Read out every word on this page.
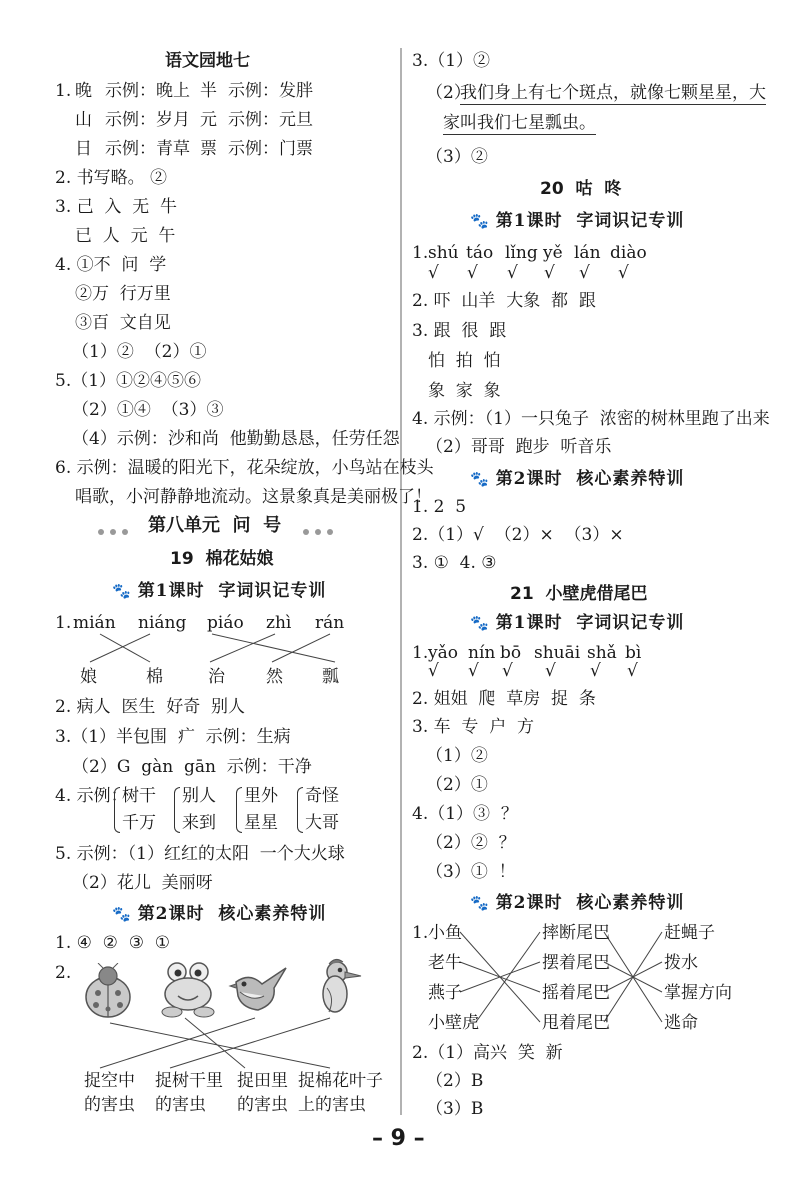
语文园地七
1. 晚 示例：晚上 半 示例：发胖
山 示例：岁月 元 示例：元旦
日 示例：青草 票 示例：门票
2. 书写略。 ②
3. 己  入  无  牛
已  人  元  午
4. ①不  问  学
②万  行万里
③百  文自见
（1）②  （2）①
5.（1）①②④⑤⑥
（2）①④  （3）③
（4）示例：沙和尚  他勤勤恳恳，任劳任怨
6. 示例：温暖的阳光下，花朵绽放，小鸟站在枝头
唱歌，小河静静地流动。这景象真是美丽极了！
第八单元  问  号
19  棉花姑娘
🐾 第1课时  字词识记专训
1. mián niáng piáo zhì rán
娘	棉	治 然 瓢
2. 病人  医生  好奇  别人
3.（1）半包围  疒  示例：生病
（2）G  gàn  gān  示例：干净
4. 示例：
树干
千万
别人
来到
里外
星星
奇怪
大哥
5. 示例：（1）红红的太阳  一个大火球
（2）花儿  美丽呀
🐾 第2课时  核心素养特训
1. ④  ②  ③  ①
2.
捉空中
的害虫
捉树干里
的害虫
捉田里
的害虫
捉棉花叶子
上的害虫
3.（1）②
（2）
我们身上有七个斑点，就像七颗星星，大
家叫我们七星瓢虫。
（3）②
20  咕  咚
🐾 第1课时  字词识记专训
1. shú táo lǐng yě lán diào
√ √ √ √ √ √
2. 吓  山羊  大象  都  跟
3. 跟  很  跟
怕  拍  怕
象  家  象
4. 示例：（1）一只兔子  浓密的树林里跑了出来
（2）哥哥  跑步  听音乐
🐾 第2课时  核心素养特训
1. 2  5
2.（1）√  （2）×  （3）×
3. ①  4. ③
21  小壁虎借尾巴
🐾 第1课时  字词识记专训
1. yǎo nín bō shuāi shǎ bì
√ √ √ √ √ √
2. 姐姐  爬  草房  捉  条
3. 车  专  户  方
（1）②
（2）①
4.（1）③  ？
（2）②  ？
（3）①  ！
🐾 第2课时  核心素养特训
1. 小鱼
老牛
燕子
小壁虎
摔断尾巴
摆着尾巴
摇着尾巴
甩着尾巴
赶蝇子
拨水
掌握方向
逃命
2.（1）高兴  笑  新
（2）B
（3）B
– 9 –
